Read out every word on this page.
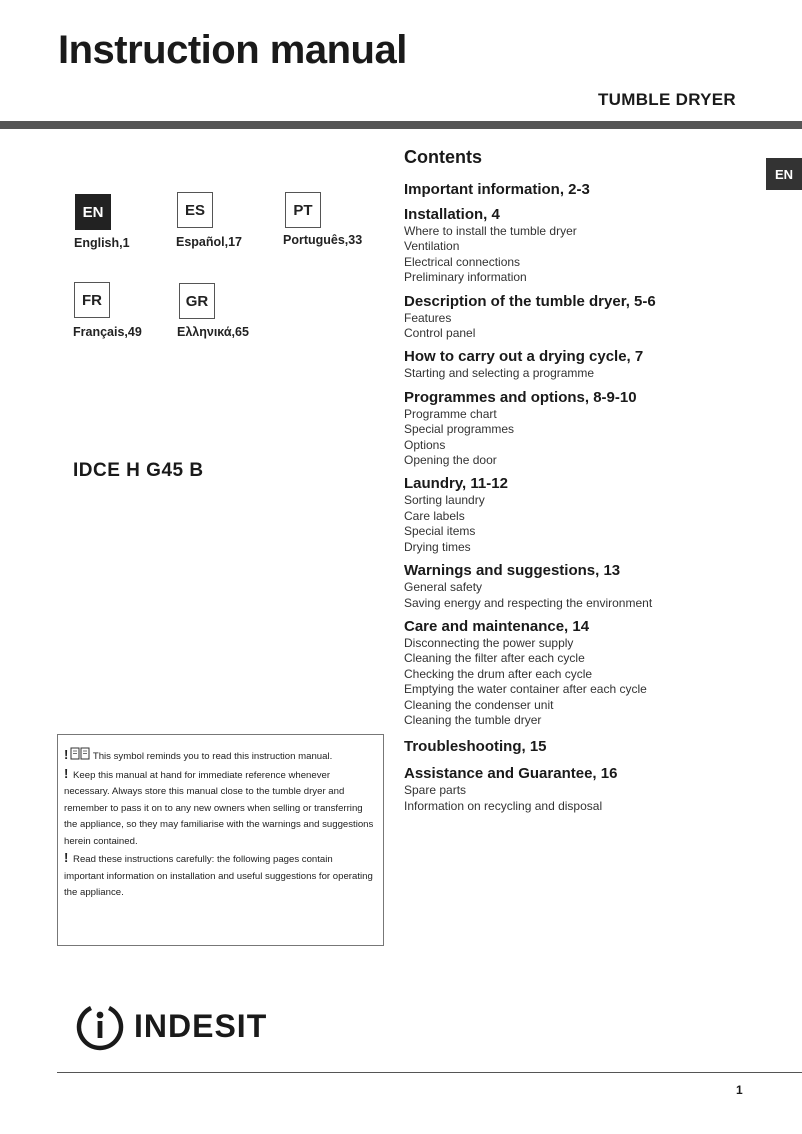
Instruction manual
TUMBLE DRYER
EN
EN
English,1
ES
Español,17
PT
Português,33
FR
Français,49
GR
Ελληνικά,65
IDCE H G45 B
Contents
Important information, 2-3
Installation, 4
Where to install the tumble dryer
Ventilation
Electrical connections
Preliminary information
Description of the tumble dryer, 5-6
Features
Control panel
How to carry out a drying cycle, 7
Starting and selecting a programme
Programmes and options, 8-9-10
Programme chart
Special programmes
Options
Opening the door
Laundry, 11-12
Sorting laundry
Care labels
Special items
Drying times
Warnings and suggestions, 13
General safety
Saving energy and respecting the environment
Care and maintenance, 14
Disconnecting the power supply
Cleaning the filter after each cycle
Checking the drum after each cycle
Emptying the water container after each cycle
Cleaning the condenser unit
Cleaning the tumble dryer
Troubleshooting, 15
Assistance and Guarantee, 16
Spare parts
Information on recycling and disposal

!	This symbol reminds you to read this instruction manual.

! Keep this manual at hand for immediate reference whenever necessary. Always store this manual close to the tumble dryer and remember to pass it on to any new owners when selling or transferring the appliance, so they may familiarise with the warnings and suggestions herein contained.

! Read these instructions carefully: the following pages contain important information on installation and useful suggestions for operating the appliance.

INDESIT
1
